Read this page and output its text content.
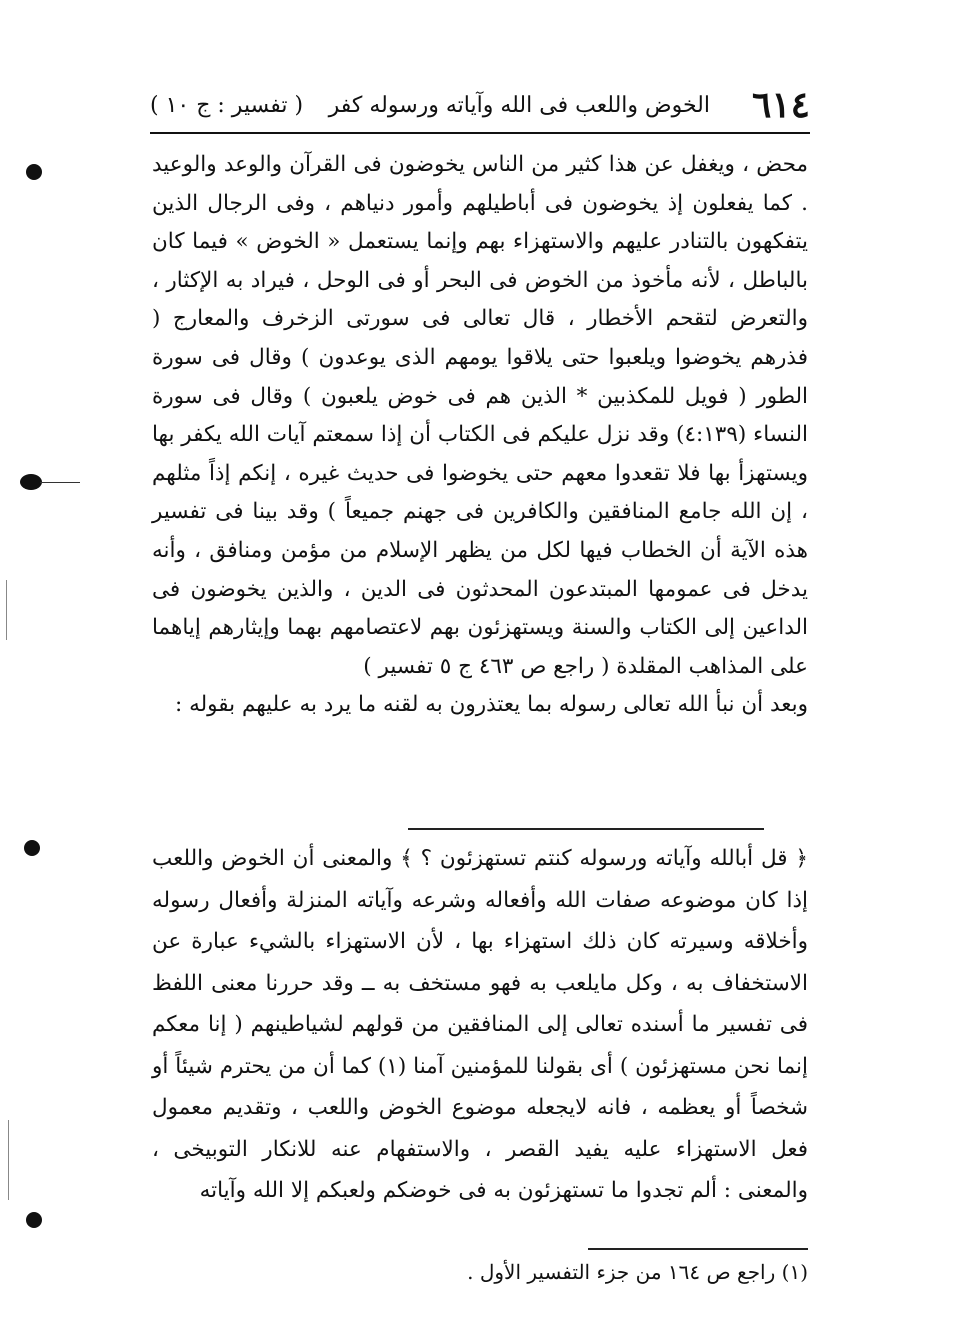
٦١٤
الخوض واللعب فى الله وآياته ورسوله كفر
( تفسير : ج ١٠ )

محض ، ويغفل عن هذا كثير من الناس يخوضون فى القرآن والوعد والوعيد . كما يفعلون إذ يخوضون فى أباطيلهم وأمور دنياهم ، وفى الرجال الذين يتفكهون بالتنادر عليهم والاستهزاء بهم وإنما يستعمل « الخوض » فيما كان بالباطل ، لأنه مأخوذ من الخوض فى البحر أو فى الوحل ، فيراد به الإكثار ، والتعرض لتقحم الأخطار ، قال تعالى فى سورتى الزخرف والمعارج ( فذرهم يخوضوا ويلعبوا حتى يلاقوا يومهم الذى يوعدون ) وقال فى سورة الطور ( فويل للمكذبين * الذين هم فى خوض يلعبون ) وقال فى سورة النساء (٤:١٣٩) وقد نزل عليكم فى الكتاب أن إذا سمعتم آيات الله يكفر بها ويستهزأ بها فلا تقعدوا معهم حتى يخوضوا فى حديث غيره ، إنكم إذاً مثلهم ، إن الله جامع المنافقين والكافرين فى جهنم جميعاً ) وقد بينا فى تفسير هذه الآية أن الخطاب فيها لكل من يظهر الإسلام من مؤمن ومنافق ، وأنه يدخل فى عمومها المبتدعون المحدثون فى الدين ، والذين يخوضون فى الداعين إلى الكتاب والسنة ويستهزئون بهم لاعتصامهم بهما وإيثارهم إياهما على المذاهب المقلدة ( راجع ص ٤٦٣ ج ٥ تفسير )

وبعد أن نبأ الله تعالى رسوله بما يعتذرون به لقنه ما يرد به عليهم بقوله :

﴿ قل أبالله وآياته ورسوله كنتم تستهزئون ؟ ﴾ والمعنى أن الخوض واللعب إذا كان موضوعه صفات الله وأفعاله وشرعه وآياته المنزلة وأفعال رسوله وأخلاقه وسيرته كان ذلك استهزاء بها ، لأن الاستهزاء بالشيء عبارة عن الاستخفاف به ، وكل مايلعب به فهو مستخف به ــ وقد حررنا معنى اللفظ فى تفسير ما أسنده تعالى إلى المنافقين من قولهم لشياطينهم ( إنا معكم إنما نحن مستهزئون ) أى بقولنا للمؤمنين آمنا (١) كما أن من يحترم شيئاً أو شخصاً أو يعظمه ، فانه لايجعله موضوع الخوض واللعب ، وتقديم معمول فعل الاستهزاء عليه يفيد القصر ، والاستفهام عنه للانكار التوبيخى ، والمعنى : ألم تجدوا ما تستهزئون به فى خوضكم ولعبكم إلا الله وآياته

(١) راجع ص ١٦٤ من جزء التفسير الأول .
